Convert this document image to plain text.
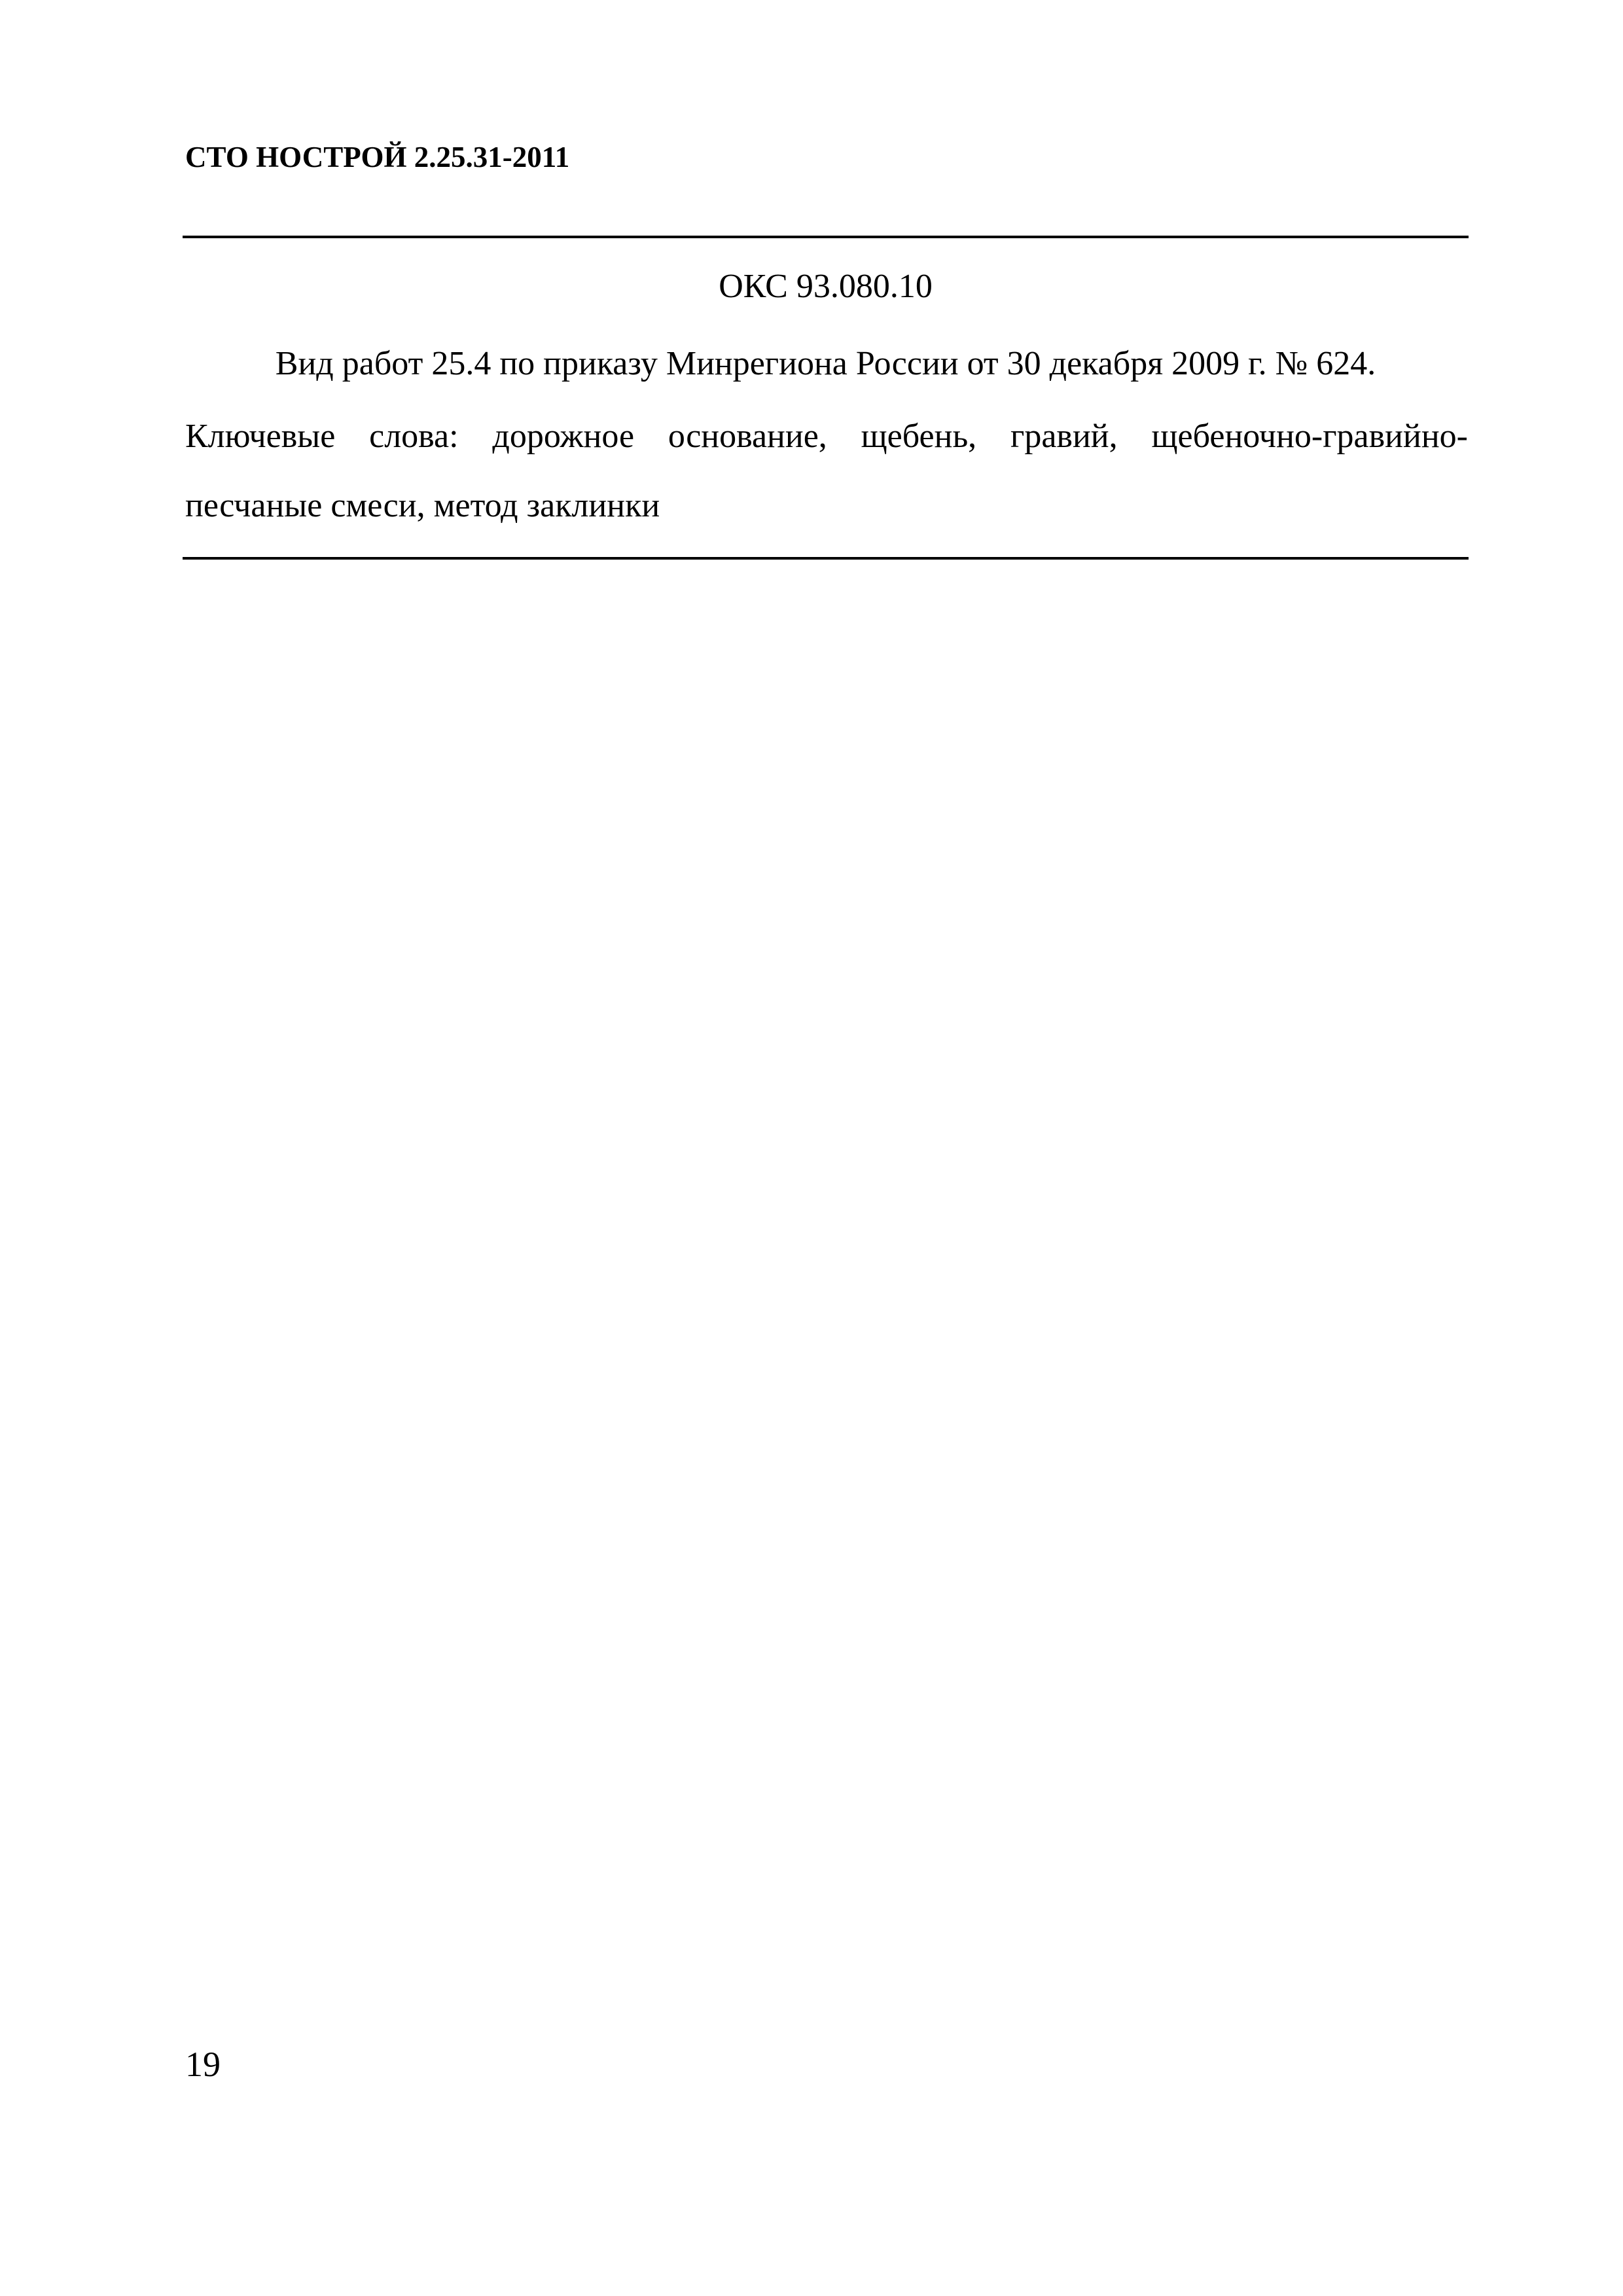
СТО НОСТРОЙ 2.25.31-2011
ОКС 93.080.10
Вид работ 25.4 по приказу Минрегиона России от 30 декабря 2009 г. № 624.
Ключевые слова: дорожное основание, щебень, гравий, щебеночно-гравийно-
песчаные смеси, метод заклинки
19
